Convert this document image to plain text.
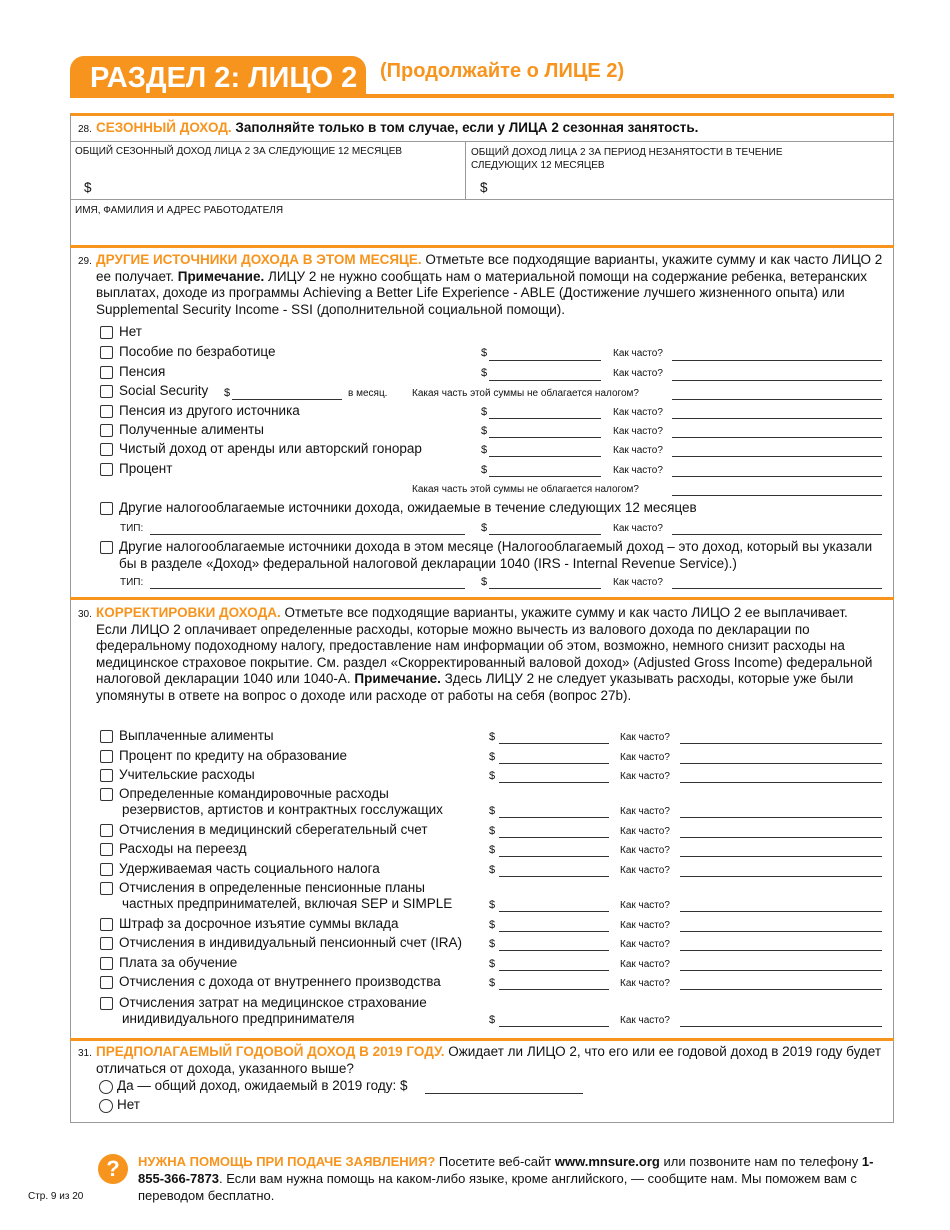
РАЗДЕЛ 2: ЛИЦО 2	(Продолжайте о ЛИЦЕ 2)
28. СЕЗОННЫЙ ДОХОД. Заполняйте только в том случае, если у ЛИЦА 2 сезонная занятость.
ОБЩИЙ СЕЗОННЫЙ ДОХОД ЛИЦА 2 ЗА СЛЕДУЮЩИЕ 12 МЕСЯЦЕВ	ОБЩИЙ ДОХОД ЛИЦА 2 ЗА ПЕРИОД НЕЗАНЯТОСТИ В ТЕЧЕНИЕ СЛЕДУЮЩИХ 12 МЕСЯЦЕВ
$	$
ИМЯ, ФАМИЛИЯ И АДРЕС РАБОТОДАТЕЛЯ
29. ДРУГИЕ ИСТОЧНИКИ ДОХОДА В ЭТОМ МЕСЯЦЕ. Отметьте все подходящие варианты, укажите сумму и как часто ЛИЦО 2 ее получает. Примечание. ЛИЦУ 2 не нужно сообщать нам о материальной помощи на содержание ребенка, ветеранских выплатах, доходе из программы Achieving a Better Life Experience - ABLE (Достижение лучшего жизненного опыта) или Supplemental Security Income - SSI (дополнительной социальной помощи).
Нет
Пособие по безработице	$	Как часто?
Пенсия	$	Как часто?
Social Security $	в месяц. Какая часть этой суммы не облагается налогом?
Пенсия из другого источника	$	Как часто?
Полученные алименты	$	Как часто?
Чистый доход от аренды или авторский гонорар	$	Как часто?
Процент	$	Как часто?
Какая часть этой суммы не облагается налогом?
Другие налогооблагаемые источники дохода, ожидаемые в течение следующих 12 месяцев
ТИП:	$	Как часто?
Другие налогооблагаемые источники дохода в этом месяце (Налогооблагаемый доход – это доход, который вы указали бы в разделе «Доход» федеральной налоговой декларации 1040 (IRS - Internal Revenue Service).)
ТИП:	$	Как часто?
30. КОРРЕКТИРОВКИ ДОХОДА. Отметьте все подходящие варианты, укажите сумму и как часто ЛИЦО 2 ее выплачивает. Если ЛИЦО 2 оплачивает определенные расходы, которые можно вычесть из валового дохода по декларации по федеральному подоходному налогу, предоставление нам информации об этом, возможно, немного снизит расходы на медицинское страховое покрытие. См. раздел «Скорректированный валовой доход» (Adjusted Gross Income) федеральной налоговой декларации 1040 или 1040-А. Примечание. Здесь ЛИЦУ 2 не следует указывать расходы, которые уже были упомянуты в ответе на вопрос о доходе или расходе от работы на себя (вопрос 27b).
Выплаченные алименты	$	Как часто?
Процент по кредиту на образование	$	Как часто?
Учительские расходы	$	Как часто?
Определенные командировочные расходы
резервистов, артистов и контрактных госслужащих	$	Как часто?
Отчисления в медицинский сберегательный счет	$	Как часто?
Расходы на переезд	$	Как часто?
Удерживаемая часть социального налога	$	Как часто?
Отчисления в определенные пенсионные планы
частных предпринимателей, включая SEP и SIMPLE	$	Как часто?
Штраф за досрочное изъятие суммы вклада	$	Как часто?
Отчисления в индивидуальный пенсионный счет (IRA) $	Как часто?
Плата за обучение	$	Как часто?
Отчисления с дохода от внутреннего производства	$	Как часто?
Отчисления затрат на медицинское страхование
инидивидуального предпринимателя	$	Как часто?
31. ПРЕДПОЛАГАЕМЫЙ ГОДОВОЙ ДОХОД В 2019 ГОДУ. Ожидает ли ЛИЦО 2, что его или ее годовой доход в 2019 году будет отличаться от дохода, указанного выше?
Да — общий доход, ожидаемый в 2019 году: $
Нет
?	НУЖНА ПОМОЩЬ ПРИ ПОДАЧЕ ЗАЯВЛЕНИЯ? Посетите веб-сайт www.mnsure.org или позвоните нам по телефону 1-855-366-7873. Если вам нужна помощь на каком-либо языке, кроме английского, — сообщите нам. Мы поможем вам с переводом бесплатно.
Стр. 9 из 20
